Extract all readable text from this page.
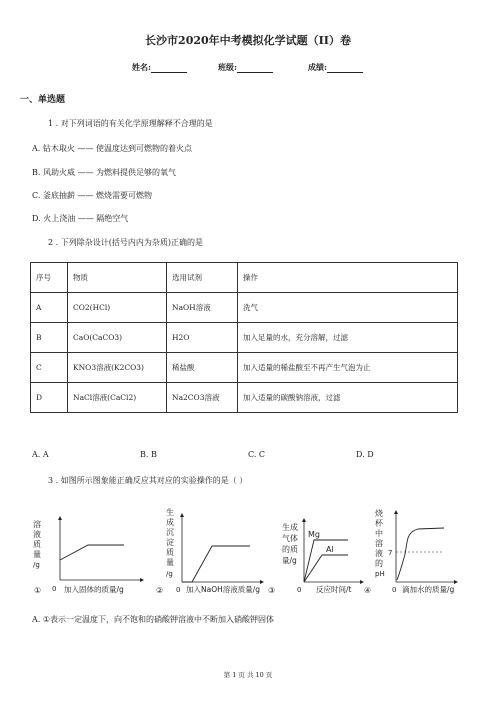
长沙市2020年中考模拟化学试题（II）卷
姓名:	班级:	成绩:
一、单选题
1 . 对下列词语的有关化学原理解释不合理的是
A. 钻木取火 —— 使温度达到可燃物的着火点
B. 风助火威 —— 为燃料提供足够的氧气
C. 釜底抽薪 —— 燃烧需要可燃物
D. 火上浇油 —— 隔绝空气
2 . 下列除杂设计(括号内内为杂质)正确的是
序号	物质	选用试剂	操作
A	CO2(HCl)	NaOH溶液	洗气
B	CaO(CaCO3)	H2O	加入足量的水，充分溶解，过滤
C	KNO3溶液(K2CO3)	稀盐酸	加入适量的稀盐酸至不再产生气泡为止
D	NaCl溶液(CaCl2)	Na2CO3溶液	加入适量的碳酸钠溶液，过滤
A. A	B. B	C. C	D. D
3 . 如图所示图象能正确反应其对应的实验操作的是（ ）
溶
液
质
量
/g
0 加入固体的质量/g
①
生
成
沉
淀
质
量
/g
0 加入NaOH溶液质量/g
②
生成
气体
的质
量/g
Mg
Al
0 反应时间/t
③
烧
杯
中
溶
液
的
pH
7
0 滴加水的质量/g
④
A. ①表示一定温度下，向不饱和的硝酸钾溶液中不断加入硝酸钾固体
第 1 页 共 10 页
